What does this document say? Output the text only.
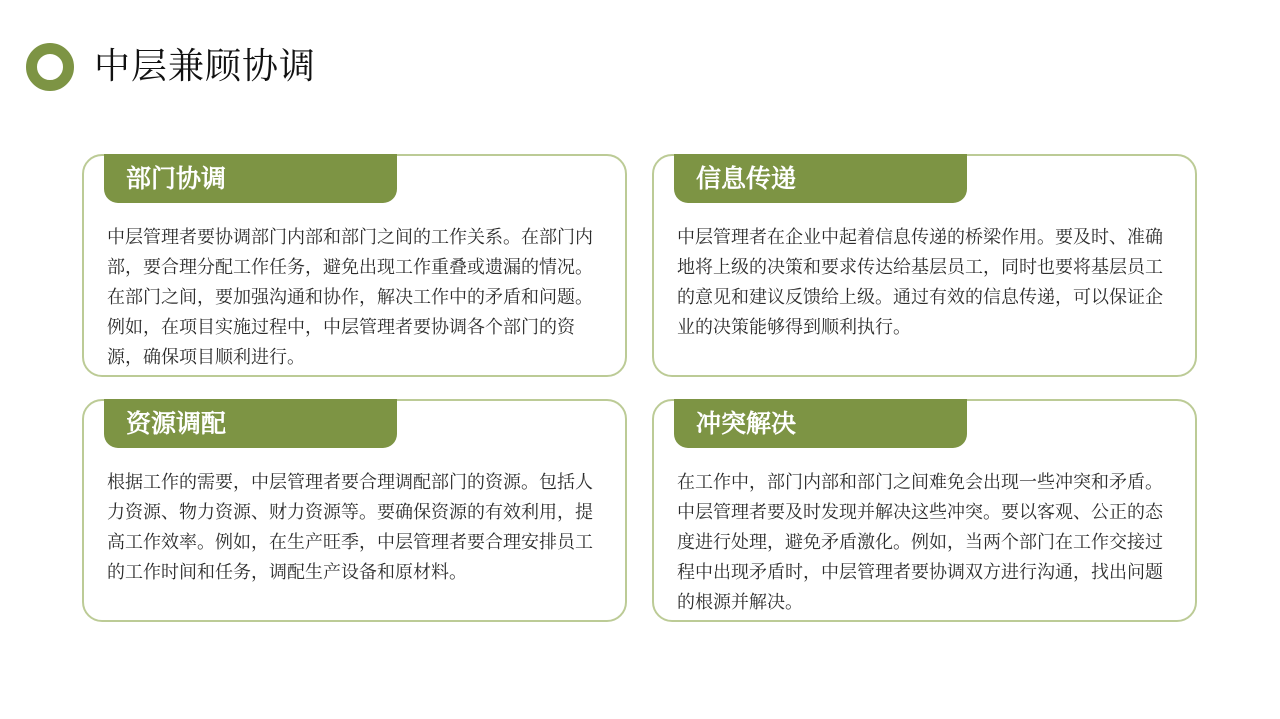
中层兼顾协调
部门协调
中层管理者要协调部门内部和部门之间的工作关系。在部门内部，要合理分配工作任务，避免出现工作重叠或遗漏的情况。在部门之间，要加强沟通和协作，解决工作中的矛盾和问题。例如，在项目实施过程中，中层管理者要协调各个部门的资源，确保项目顺利进行。
信息传递
中层管理者在企业中起着信息传递的桥梁作用。要及时、准确地将上级的决策和要求传达给基层员工，同时也要将基层员工的意见和建议反馈给上级。通过有效的信息传递，可以保证企业的决策能够得到顺利执行。
资源调配
根据工作的需要，中层管理者要合理调配部门的资源。包括人力资源、物力资源、财力资源等。要确保资源的有效利用，提高工作效率。例如，在生产旺季，中层管理者要合理安排员工的工作时间和任务，调配生产设备和原材料。
冲突解决
在工作中，部门内部和部门之间难免会出现一些冲突和矛盾。中层管理者要及时发现并解决这些冲突。要以客观、公正的态度进行处理，避免矛盾激化。例如，当两个部门在工作交接过程中出现矛盾时，中层管理者要协调双方进行沟通，找出问题的根源并解决。
